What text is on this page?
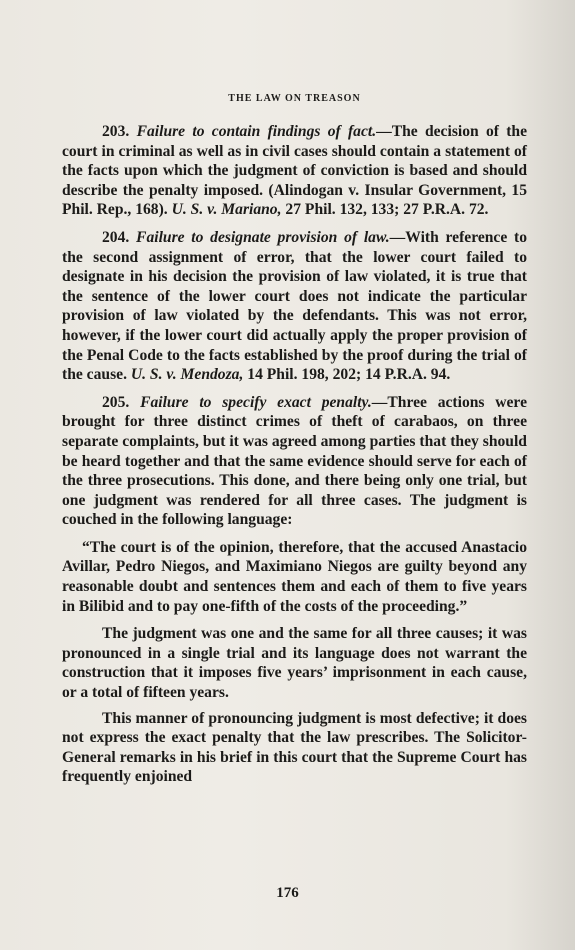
THE LAW ON TREASON

203. Failure to contain findings of fact.—The decision of the court in criminal as well as in civil cases should contain a statement of the facts upon which the judgment of conviction is based and should describe the penalty imposed. (Alindogan v. Insular Government, 15 Phil. Rep., 168). U. S. v. Mariano, 27 Phil. 132, 133; 27 P.R.A. 72.

204. Failure to designate provision of law.—With reference to the second assignment of error, that the lower court failed to designate in his decision the provision of law violated, it is true that the sentence of the lower court does not indicate the particular provision of law violated by the defendants. This was not error, however, if the lower court did actually apply the proper provision of the Penal Code to the facts established by the proof during the trial of the cause. U. S. v. Mendoza, 14 Phil. 198, 202; 14 P.R.A. 94.

205. Failure to specify exact penalty.—Three actions were brought for three distinct crimes of theft of carabaos, on three separate complaints, but it was agreed among parties that they should be heard together and that the same evidence should serve for each of the three prosecutions. This done, and there being only one trial, but one judgment was rendered for all three cases. The judgment is couched in the following language:

“The court is of the opinion, therefore, that the accused Anastacio Avillar, Pedro Niegos, and Maximiano Niegos are guilty beyond any reasonable doubt and sentences them and each of them to five years in Bilibid and to pay one-fifth of the costs of the proceeding.”

The judgment was one and the same for all three causes; it was pronounced in a single trial and its language does not warrant the construction that it imposes five years’ imprisonment in each cause, or a total of fifteen years.

This manner of pronouncing judgment is most defective; it does not express the exact penalty that the law prescribes. The Solicitor-General remarks in his brief in this court that the Supreme Court has frequently enjoined

176
